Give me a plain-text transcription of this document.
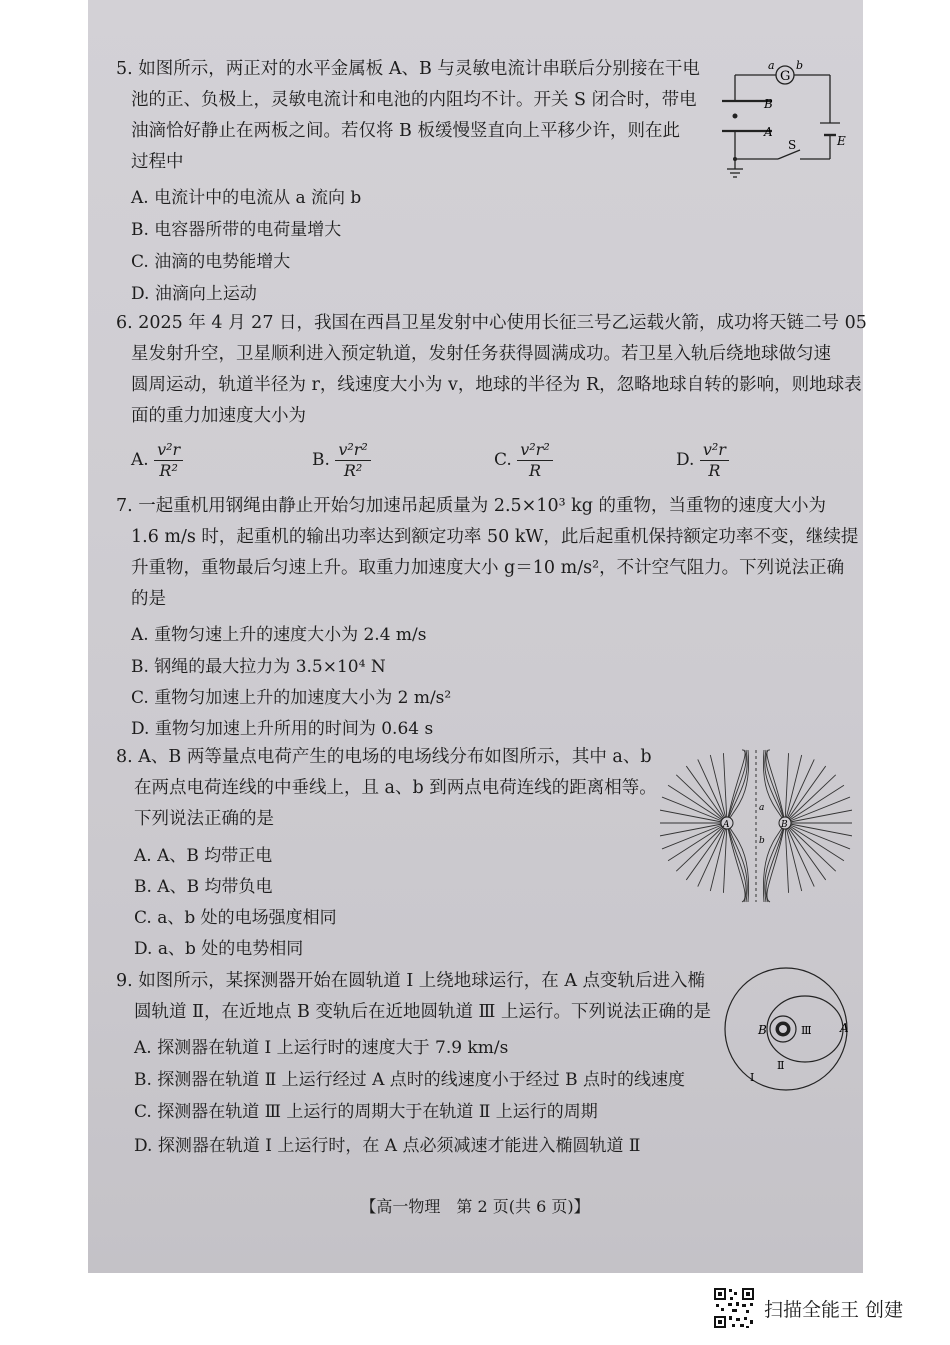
5. 如图所示，两正对的水平金属板 A、B 与灵敏电流计串联后分别接在干电
池的正、负极上，灵敏电流计和电池的内阻均不计。开关 S 闭合时，带电
油滴恰好静止在两板之间。若仅将 B 板缓慢竖直向上平移少许，则在此
过程中
A. 电流计中的电流从 a 流向 b
B. 电容器所带的电荷量增大
C. 油滴的电势能增大
D. 油滴向上运动
G
a b
B
A
S	E
6. 2025 年 4 月 27 日，我国在西昌卫星发射中心使用长征三号乙运载火箭，成功将天链二号 05
星发射升空，卫星顺利进入预定轨道，发射任务获得圆满成功。若卫星入轨后绕地球做匀速
圆周运动，轨道半径为 r，线速度大小为 v，地球的半径为 R，忽略地球自转的影响，则地球表
面的重力加速度大小为
A. $\frac{\text{v²r}}{\text{R²}}$	B. $\frac{\text{v²r²}}{\text{R²}}$	C. $\frac{\text{v²r²}}{R}$	D. $\frac{\text{v²r}}{R}$
7. 一起重机用钢绳由静止开始匀加速吊起质量为 2.5×10³ kg 的重物，当重物的速度大小为
1.6 m/s 时，起重机的输出功率达到额定功率 50 kW，此后起重机保持额定功率不变，继续提
升重物，重物最后匀速上升。取重力加速度大小 g＝10 m/s²，不计空气阻力。下列说法正确
的是
A. 重物匀速上升的速度大小为 2.4 m/s
B. 钢绳的最大拉力为 3.5×10⁴ N
C. 重物匀加速上升的加速度大小为 2 m/s²
D. 重物匀加速上升所用的时间为 0.64 s
8. A、B 两等量点电荷产生的电场的电场线分布如图所示，其中 a、b
在两点电荷连线的中垂线上，且 a、b 到两点电荷连线的距离相等。
下列说法正确的是
A. A、B 均带正电
B. A、B 均带负电
C. a、b 处的电场强度相同
D. a、b 处的电势相同
A	B
a
b
9. 如图所示，某探测器开始在圆轨道 Ⅰ 上绕地球运行，在 A 点变轨后进入椭
圆轨道 Ⅱ，在近地点 B 变轨后在近地圆轨道 Ⅲ 上运行。下列说法正确的是
A. 探测器在轨道 Ⅰ 上运行时的速度大于 7.9 km/s
B. 探测器在轨道 Ⅱ 上运行经过 A 点时的线速度小于经过 B 点时的线速度
C. 探测器在轨道 Ⅲ 上运行的周期大于在轨道 Ⅱ 上运行的周期
D. 探测器在轨道 Ⅰ 上运行时，在 A 点必须减速才能进入椭圆轨道 Ⅱ
B	A
Ⅲ
Ⅱ
Ⅰ
【高一物理　第 2 页(共 6 页)】
扫描全能王 创建
